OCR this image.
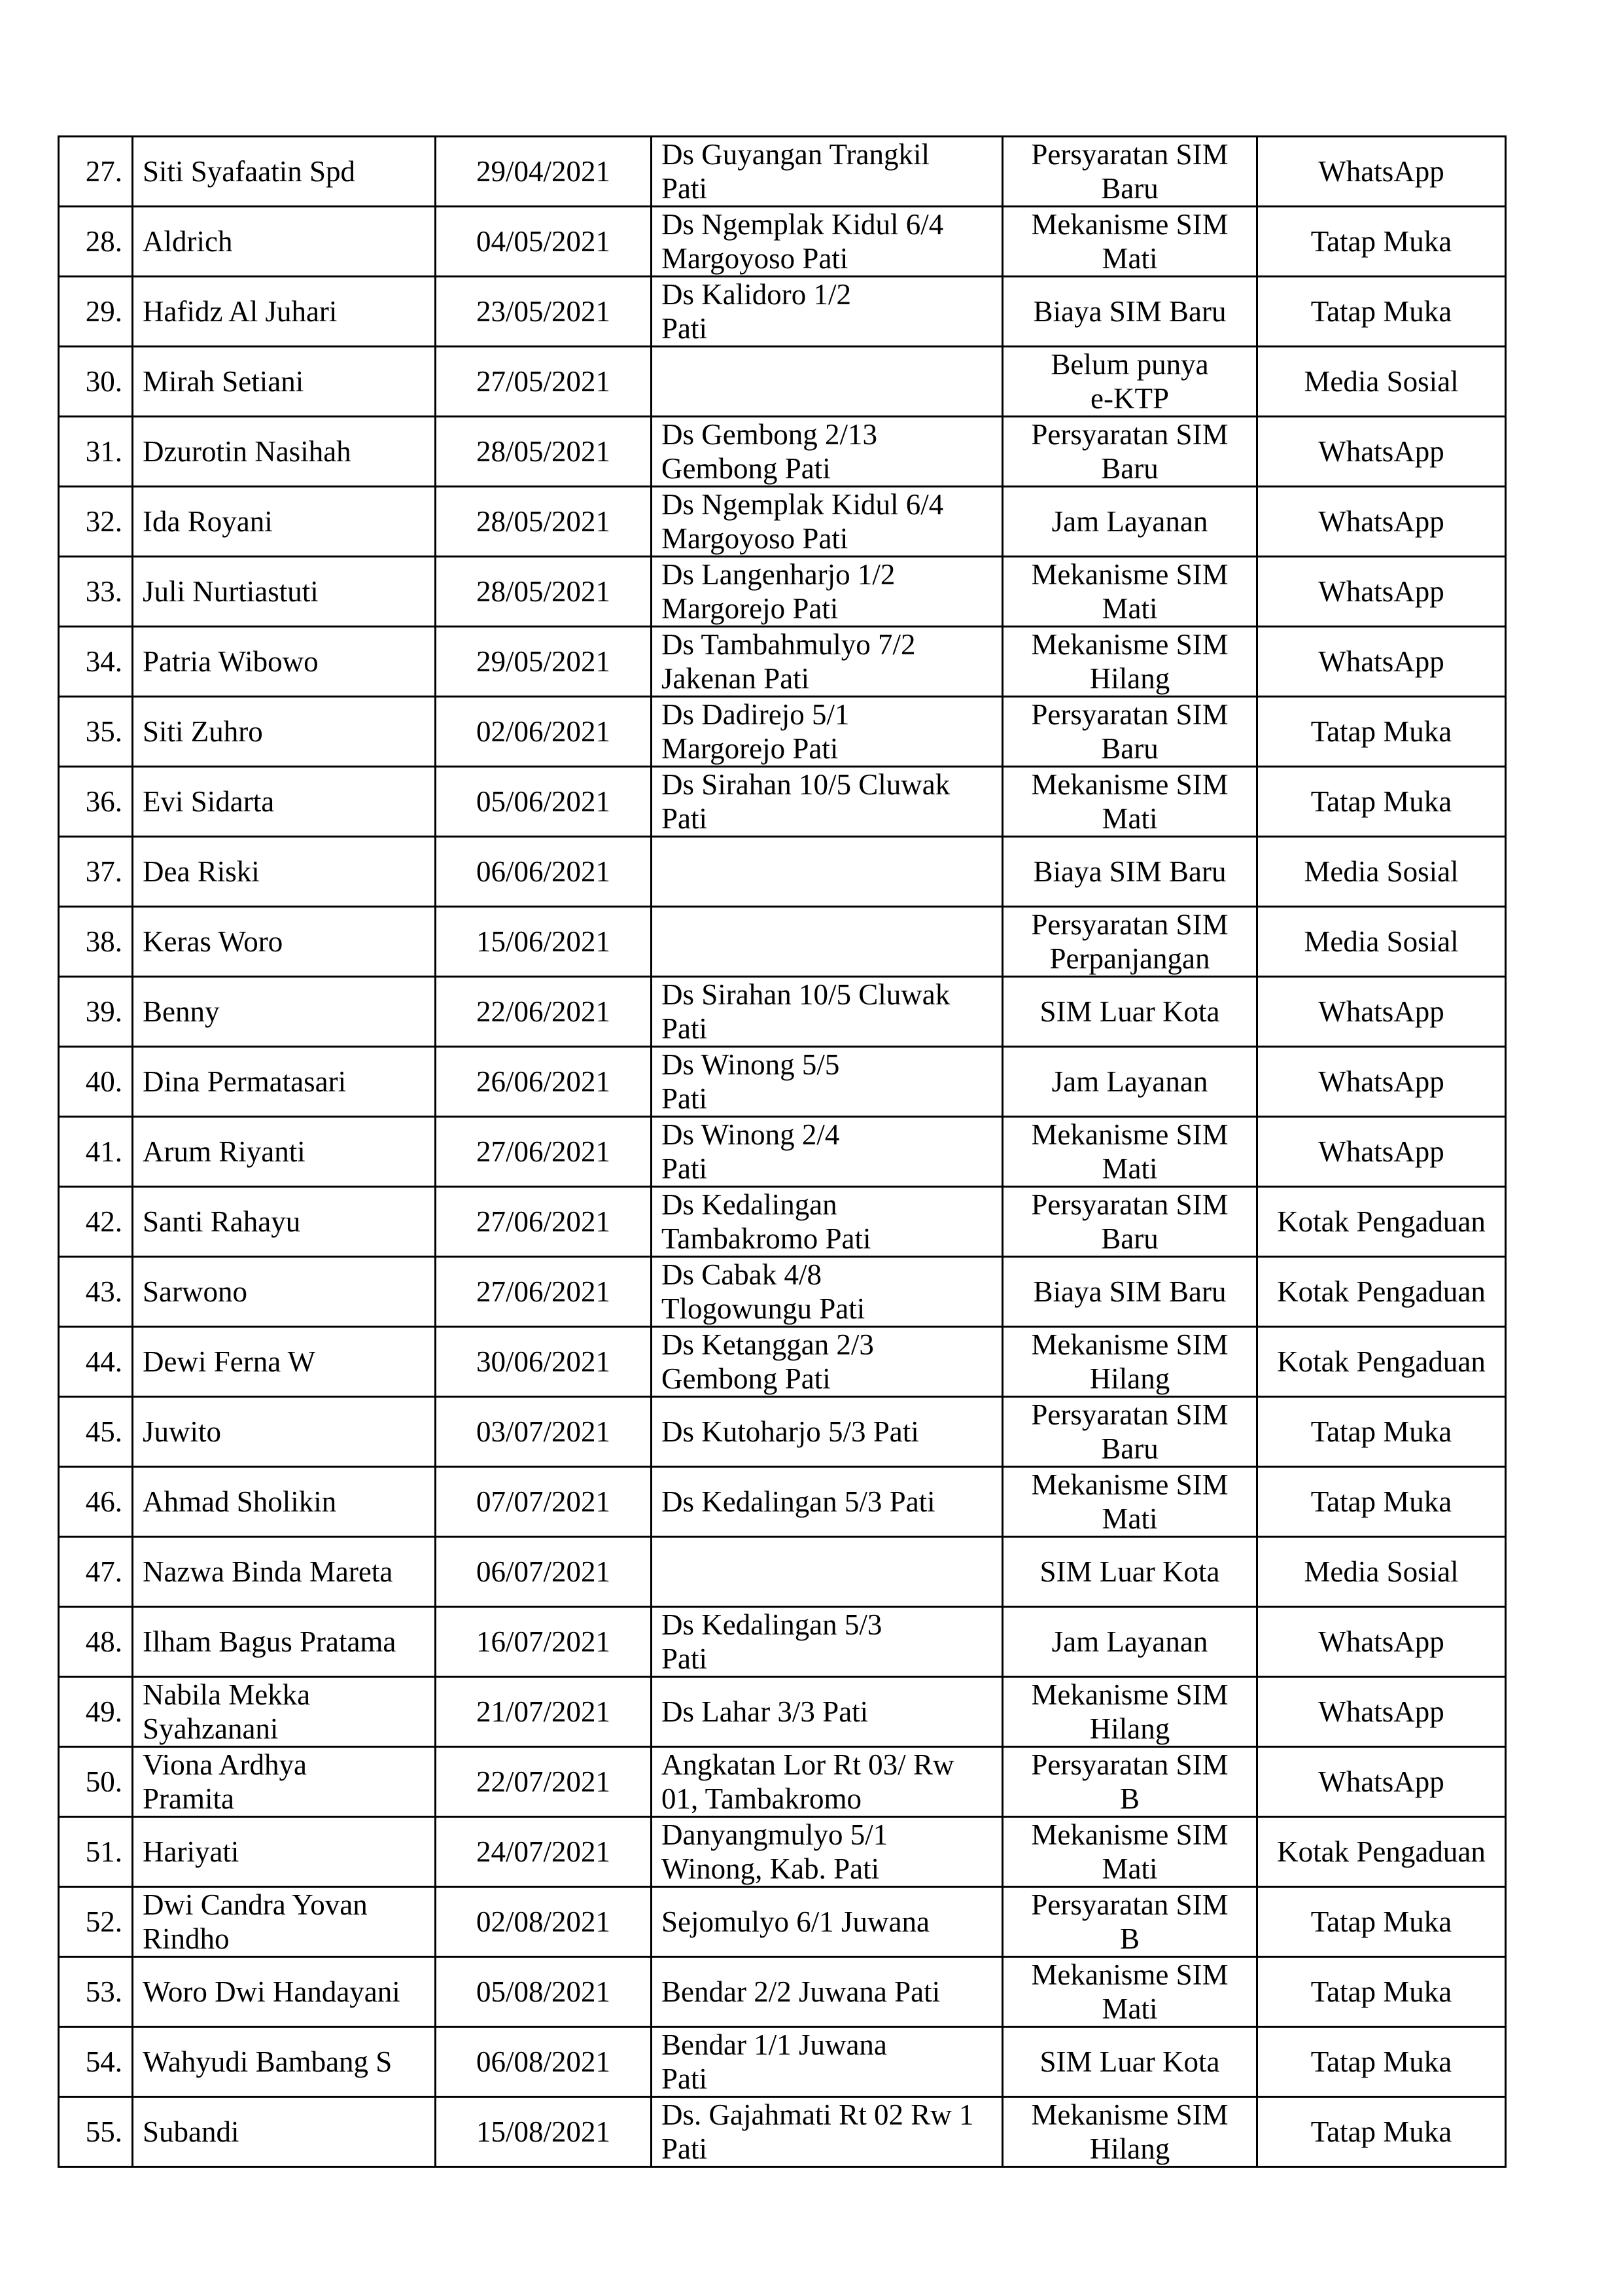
27.	Siti Syafaatin Spd	29/04/2021	Ds Guyangan Trangkil
Pati	Persyaratan SIM
Baru	WhatsApp

28.	Aldrich	04/05/2021	Ds Ngemplak Kidul 6/4
Margoyoso Pati	Mekanisme SIM
Mati	Tatap Muka

29.	Hafidz Al Juhari	23/05/2021	Ds Kalidoro 1/2
Pati	Biaya SIM Baru	Tatap Muka

30.	Mirah Setiani	27/05/2021		Belum punya
e-KTP	Media Sosial

31.	Dzurotin Nasihah	28/05/2021	Ds Gembong 2/13
Gembong Pati	Persyaratan SIM
Baru	WhatsApp

32.	Ida Royani	28/05/2021	Ds Ngemplak Kidul 6/4
Margoyoso Pati	Jam Layanan	WhatsApp

33.	Juli Nurtiastuti	28/05/2021	Ds Langenharjo 1/2
Margorejo Pati	Mekanisme SIM
Mati	WhatsApp

34.	Patria Wibowo	29/05/2021	Ds Tambahmulyo 7/2
Jakenan Pati	Mekanisme SIM
Hilang	WhatsApp

35.	Siti Zuhro	02/06/2021	Ds Dadirejo 5/1
Margorejo Pati	Persyaratan SIM
Baru	Tatap Muka

36.	Evi Sidarta	05/06/2021	Ds Sirahan 10/5 Cluwak
Pati	Mekanisme SIM
Mati	Tatap Muka

37.	Dea Riski	06/06/2021		Biaya SIM Baru	Media Sosial

38.	Keras Woro	15/06/2021		Persyaratan SIM
Perpanjangan	Media Sosial

39.	Benny	22/06/2021	Ds Sirahan 10/5 Cluwak
Pati	SIM Luar Kota	WhatsApp

40.	Dina Permatasari	26/06/2021	Ds Winong 5/5
Pati	Jam Layanan	WhatsApp

41.	Arum Riyanti	27/06/2021	Ds Winong 2/4
Pati	Mekanisme SIM
Mati	WhatsApp

42.	Santi Rahayu	27/06/2021	Ds Kedalingan
Tambakromo Pati	Persyaratan SIM
Baru	Kotak Pengaduan

43.	Sarwono	27/06/2021	Ds Cabak 4/8
Tlogowungu Pati	Biaya SIM Baru	Kotak Pengaduan

44.	Dewi Ferna W	30/06/2021	Ds Ketanggan 2/3
Gembong Pati	Mekanisme SIM
Hilang	Kotak Pengaduan

45.	Juwito	03/07/2021	Ds Kutoharjo 5/3 Pati	Persyaratan SIM
Baru	Tatap Muka

46.	Ahmad Sholikin	07/07/2021	Ds Kedalingan 5/3 Pati	Mekanisme SIM
Mati	Tatap Muka

47.	Nazwa Binda Mareta	06/07/2021		SIM Luar Kota	Media Sosial

48.	Ilham Bagus Pratama	16/07/2021	Ds Kedalingan 5/3
Pati	Jam Layanan	WhatsApp

49.	Nabila Mekka
Syahzanani	21/07/2021	Ds Lahar 3/3 Pati	Mekanisme SIM
Hilang	WhatsApp

50.	Viona Ardhya
Pramita	22/07/2021	Angkatan Lor Rt 03/ Rw
01, Tambakromo	Persyaratan SIM
B	WhatsApp

51.	Hariyati	24/07/2021	Danyangmulyo 5/1
Winong, Kab. Pati	Mekanisme SIM
Mati	Kotak Pengaduan

52.	Dwi Candra Yovan
Rindho	02/08/2021	Sejomulyo 6/1 Juwana	Persyaratan SIM
B	Tatap Muka

53.	Woro Dwi Handayani	05/08/2021	Bendar 2/2 Juwana Pati	Mekanisme SIM
Mati	Tatap Muka

54.	Wahyudi Bambang S	06/08/2021	Bendar 1/1 Juwana
Pati	SIM Luar Kota	Tatap Muka

55.	Subandi	15/08/2021	Ds. Gajahmati Rt 02 Rw 1
Pati	Mekanisme SIM
Hilang	Tatap Muka
